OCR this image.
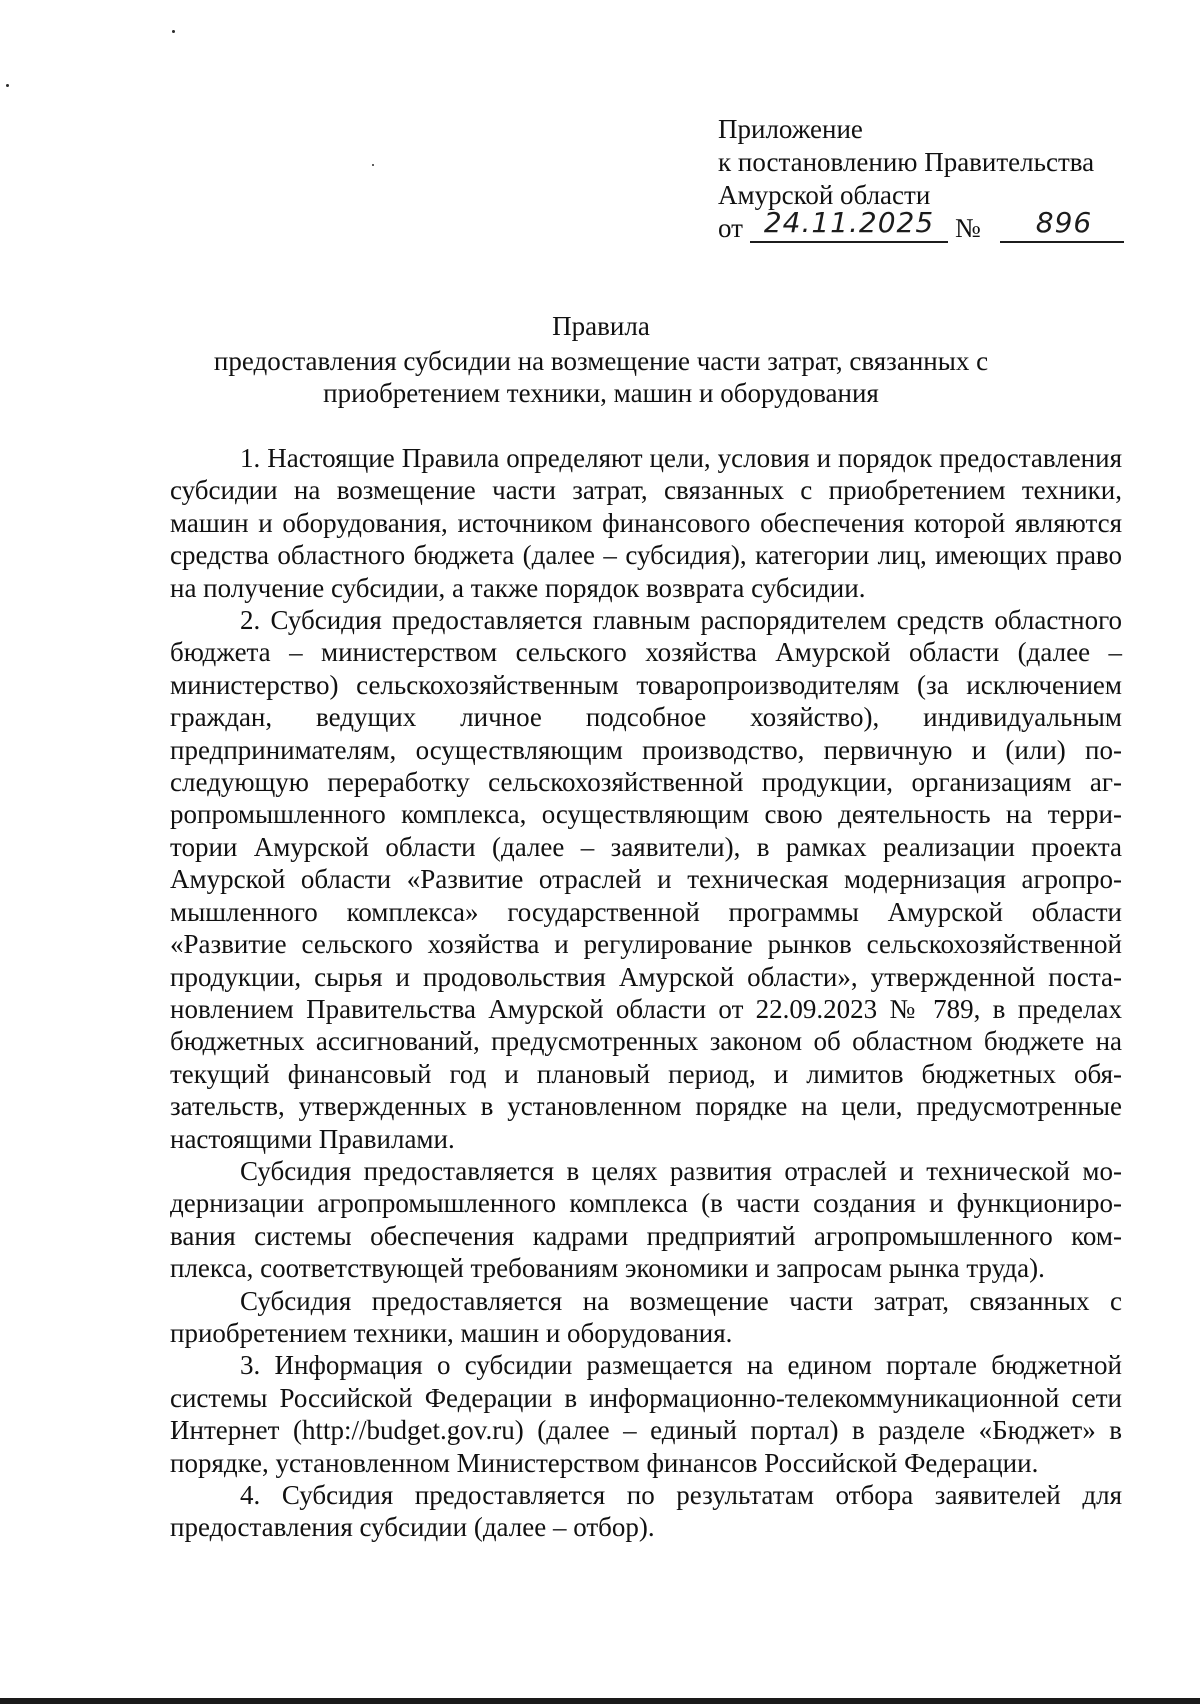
Приложение
к постановлению Правительства
Амурской области
от 24.11.2025 №	896
Правила
предоставления субсидии на возмещение части затрат, связанных с
приобретением техники, машин и оборудования

1. Настоящие Правила определяют цели, условия и порядок предоставления субсидии на возмещение части затрат, связанных с приобретением техники, машин и оборудования, источником финансового обеспечения которой являются средства областного бюджета (далее – субсидия), категории лиц, имеющих право на получение субсидии, а также порядок возврата субсидии.

2. Субсидия предоставляется главным распорядителем средств областного бюджета – министерством сельского хозяйства Амурской области (далее – министерство) сельскохозяйственным товаропроизводителям (за исключением граждан, ведущих личное подсобное хозяйство), индивидуальным предпринимателям, осуществляющим производство, первичную и (или) последующую переработку сельскохозяйственной продукции, организациям агропромышленного комплекса, осуществляющим свою деятельность на территории Амурской области (далее – заявители), в рамках реализации проекта Амурской области «Развитие отраслей и техническая модернизация агропромышленного комплекса» государственной программы Амурской области «Развитие сельского хозяйства и регулирование рынков сельскохозяйственной продукции, сырья и продовольствия Амурской области», утвержденной постановлением Правительства Амурской области от 22.09.2023 № 789, в пределах бюджетных ассигнований, предусмотренных законом об областном бюджете на текущий финансовый год и плановый период, и лимитов бюджетных обязательств, утвержденных в установленном порядке на цели, предусмотренные настоящими Правилами.

Субсидия предоставляется в целях развития отраслей и технической модернизации агропромышленного комплекса (в части создания и функционирования системы обеспечения кадрами предприятий агропромышленного комплекса, соответствующей требованиям экономики и запросам рынка труда).

Субсидия предоставляется на возмещение части затрат, связанных с приобретением техники, машин и оборудования.

3. Информация о субсидии размещается на едином портале бюджетной системы Российской Федерации в информационно-телекоммуникационной сети Интернет (http://budget.gov.ru) (далее – единый портал) в разделе «Бюджет» в порядке, установленном Министерством финансов Российской Федерации.

4. Субсидия предоставляется по результатам отбора заявителей для предоставления субсидии (далее – отбор).
